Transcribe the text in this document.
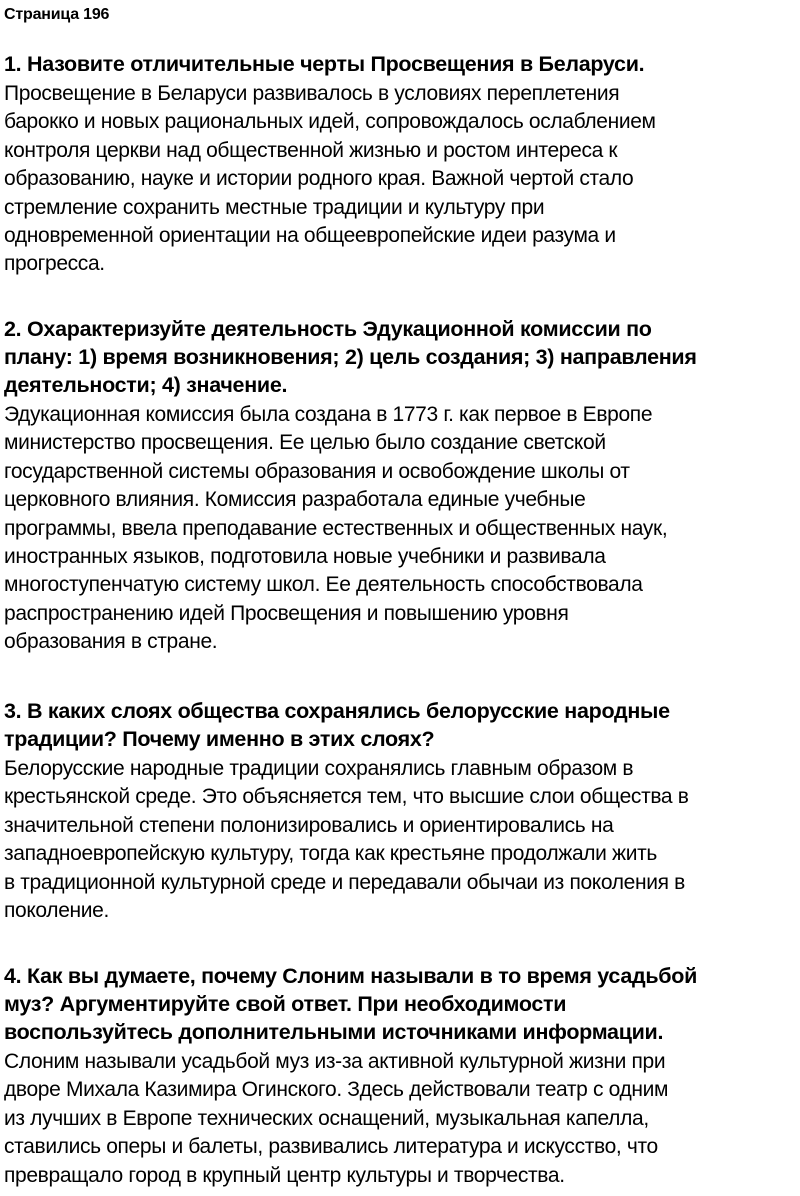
Страница 196
1. Назовите отличительные черты Просвещения в Беларуси.
Просвещение в Беларуси развивалось в условиях переплетения
барокко и новых рациональных идей, сопровождалось ослаблением
контроля церкви над общественной жизнью и ростом интереса к
образованию, науке и истории родного края. Важной чертой стало
стремление сохранить местные традиции и культуру при
одновременной ориентации на общеевропейские идеи разума и
прогресса.
2. Охарактеризуйте деятельность Эдукационной комиссии по
плану: 1) время возникновения; 2) цель создания; 3) направления
деятельности; 4) значение.
Эдукационная комиссия была создана в 1773 г. как первое в Европе
министерство просвещения. Ее целью было создание светской
государственной системы образования и освобождение школы от
церковного влияния. Комиссия разработала единые учебные
программы, ввела преподавание естественных и общественных наук,
иностранных языков, подготовила новые учебники и развивала
многоступенчатую систему школ. Ее деятельность способствовала
распространению идей Просвещения и повышению уровня
образования в стране.
3. В каких слоях общества сохранялись белорусские народные
традиции? Почему именно в этих слоях?
Белорусские народные традиции сохранялись главным образом в
крестьянской среде. Это объясняется тем, что высшие слои общества в
значительной степени полонизировались и ориентировались на
западноевропейскую культуру, тогда как крестьяне продолжали жить
в традиционной культурной среде и передавали обычаи из поколения в
поколение.
4. Как вы думаете, почему Слоним называли в то время усадьбой
муз? Аргументируйте свой ответ. При необходимости
воспользуйтесь дополнительными источниками информации.
Слоним называли усадьбой муз из-за активной культурной жизни при
дворе Михала Казимира Огинского. Здесь действовали театр с одним
из лучших в Европе технических оснащений, музыкальная капелла,
ставились оперы и балеты, развивались литература и искусство, что
превращало город в крупный центр культуры и творчества.
